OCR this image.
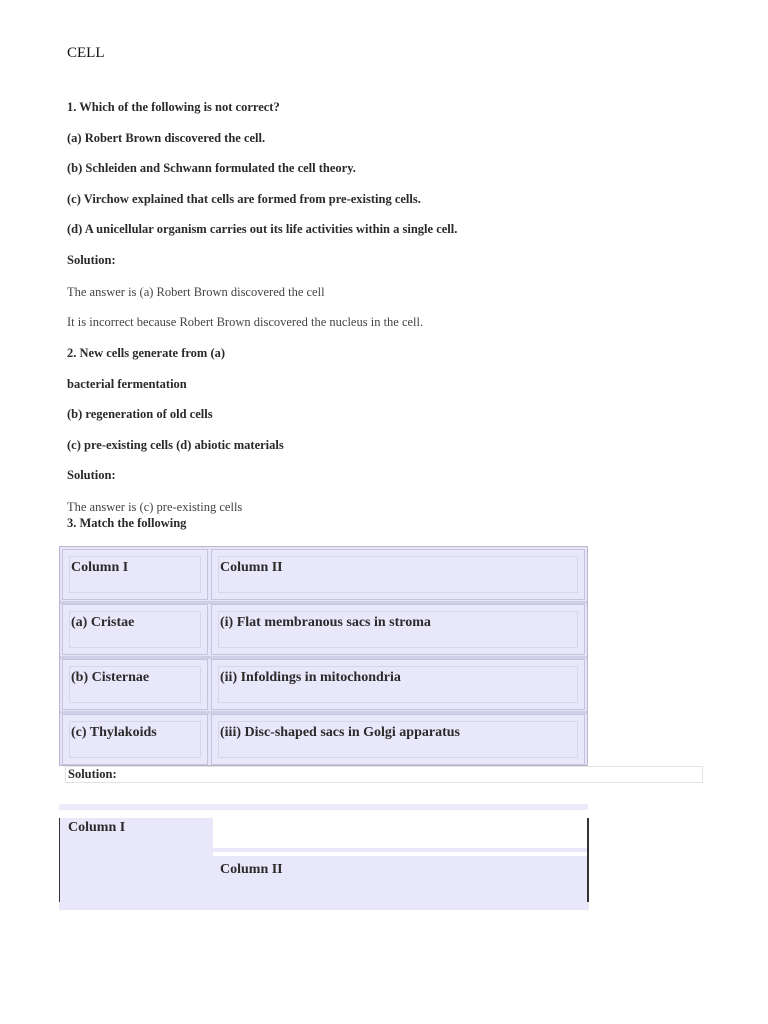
CELL
1. Which of the following is not correct?
(a) Robert Brown discovered the cell.
(b) Schleiden and Schwann formulated the cell theory.
(c) Virchow explained that cells are formed from pre-existing cells.
(d) A unicellular organism carries out its life activities within a single cell.
Solution:
The answer is (a) Robert Brown discovered the cell
It is incorrect because Robert Brown discovered the nucleus in the cell.
2. New cells generate from (a)
bacterial fermentation
(b) regeneration of old cells
(c) pre-existing cells (d) abiotic materials
Solution:
The answer is (c) pre-existing cells
3. Match the following
Column I	Column II
(a) Cristae	(i) Flat membranous sacs in stroma
(b) Cisternae	(ii) Infoldings in mitochondria
(c) Thylakoids	(iii) Disc-shaped sacs in Golgi apparatus
Solution:
Column I
Column II
